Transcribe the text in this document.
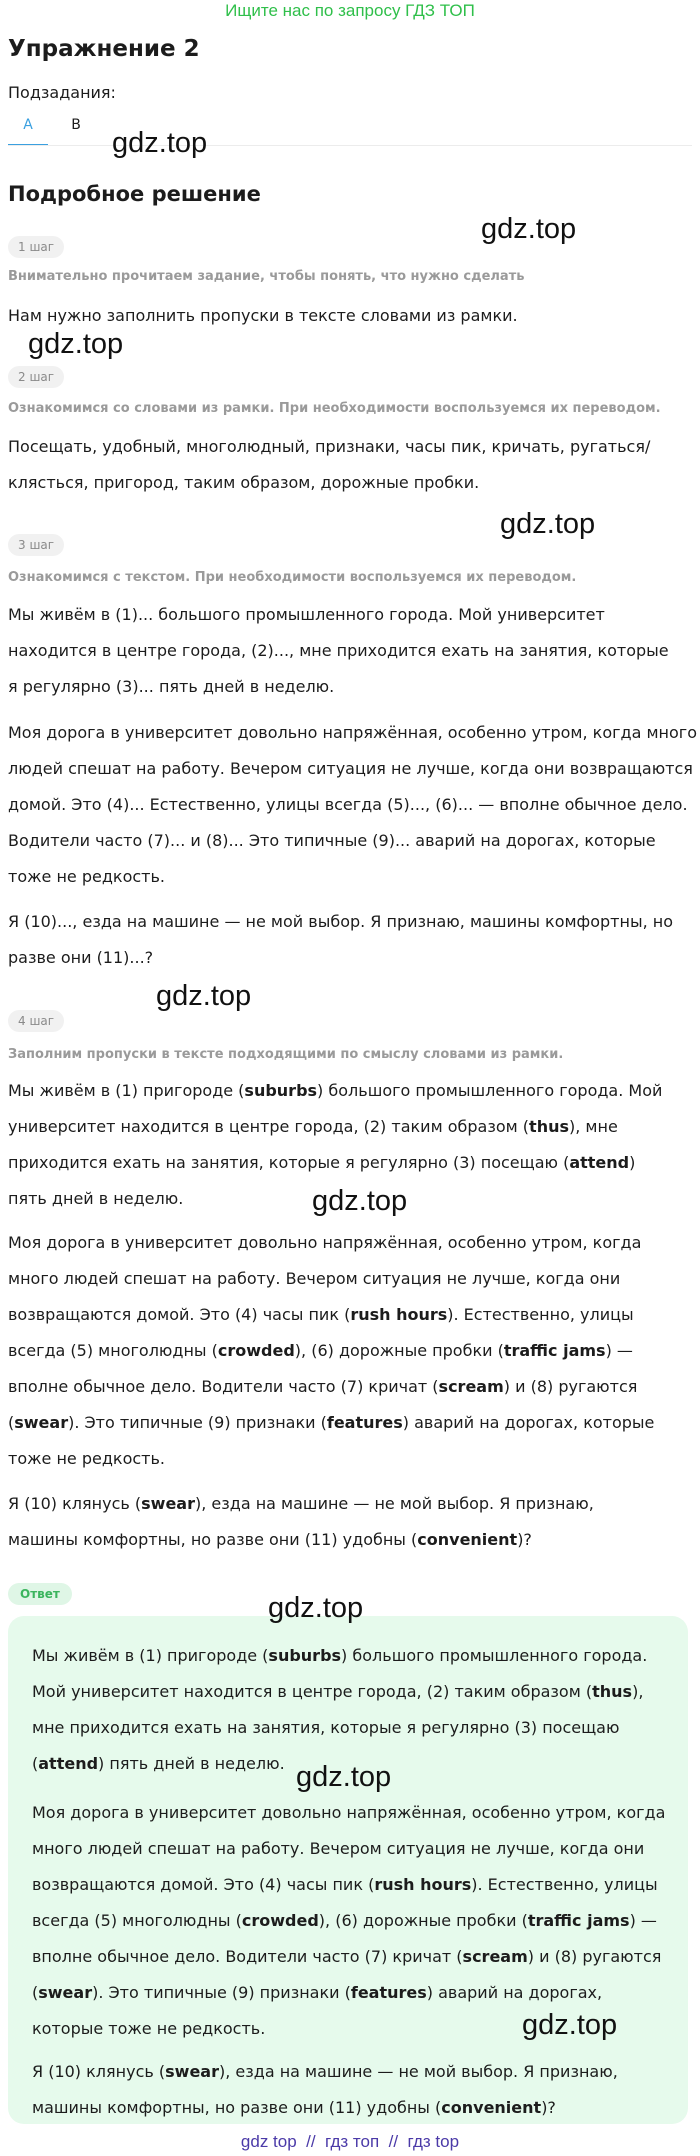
Ищите нас по запросу ГДЗ ТОП
Упражнение 2
Подзадания:
A	B
Подробное решение
1 шаг
Внимательно прочитаем задание, чтобы понять, что нужно сделать

Нам нужно заполнить пропуски в тексте словами из рамки.

2 шаг
Ознакомимся со словами из рамки. При необходимости воспользуемся их переводом.

Посещать, удобный, многолюдный, признаки, часы пик, кричать, ругаться/клясться, пригород, таким образом, дорожные пробки.

3 шаг
Ознакомимся с текстом. При необходимости воспользуемся их переводом.

Мы живём в (1)... большого промышленного города. Мой университет находится в центре города, (2)..., мне приходится ехать на занятия, которые я регулярно (3)... пять дней в неделю.

Моя дорога в университет довольно напряжённая, особенно утром, когда много людей спешат на работу. Вечером ситуация не лучше, когда они возвращаются домой. Это (4)... Естественно, улицы всегда (5)..., (6)... — вполне обычное дело. Водители часто (7)... и (8)... Это типичные (9)... аварий на дорогах, которые тоже не редкость.

Я (10)..., езда на машине — не мой выбор. Я признаю, машины комфортны, но разве они (11)...?

4 шаг
Заполним пропуски в тексте подходящими по смыслу словами из рамки.

Мы живём в (1) пригороде (suburbs) большого промышленного города. Мой университет находится в центре города, (2) таким образом (thus), мне приходится ехать на занятия, которые я регулярно (3) посещаю (attend) пять дней в неделю.

Моя дорога в университет довольно напряжённая, особенно утром, когда много людей спешат на работу. Вечером ситуация не лучше, когда они возвращаются домой. Это (4) часы пик (rush hours). Естественно, улицы всегда (5) многолюдны (crowded), (6) дорожные пробки (traffic jams) — вполне обычное дело. Водители часто (7) кричат (scream) и (8) ругаются (swear). Это типичные (9) признаки (features) аварий на дорогах, которые тоже не редкость.

Я (10) клянусь (swear), езда на машине — не мой выбор. Я признаю, машины комфортны, но разве они (11) удобны (convenient)?

Ответ

Мы живём в (1) пригороде (suburbs) большого промышленного города. Мой университет находится в центре города, (2) таким образом (thus), мне приходится ехать на занятия, которые я регулярно (3) посещаю (attend) пять дней в неделю.

Моя дорога в университет довольно напряжённая, особенно утром, когда много людей спешат на работу. Вечером ситуация не лучше, когда они возвращаются домой. Это (4) часы пик (rush hours). Естественно, улицы всегда (5) многолюдны (crowded), (6) дорожные пробки (traffic jams) — вполне обычное дело. Водители часто (7) кричат (scream) и (8) ругаются (swear). Это типичные (9) признаки (features) аварий на дорогах, которые тоже не редкость.

Я (10) клянусь (swear), езда на машине — не мой выбор. Я признаю, машины комфортны, но разве они (11) удобны (convenient)?

gdz.top
gdz.top
gdz.top
gdz.top
gdz.top
gdz.top
gdz.top
gdz.top
gdz.top
gdz top // гдз топ // гдз top
